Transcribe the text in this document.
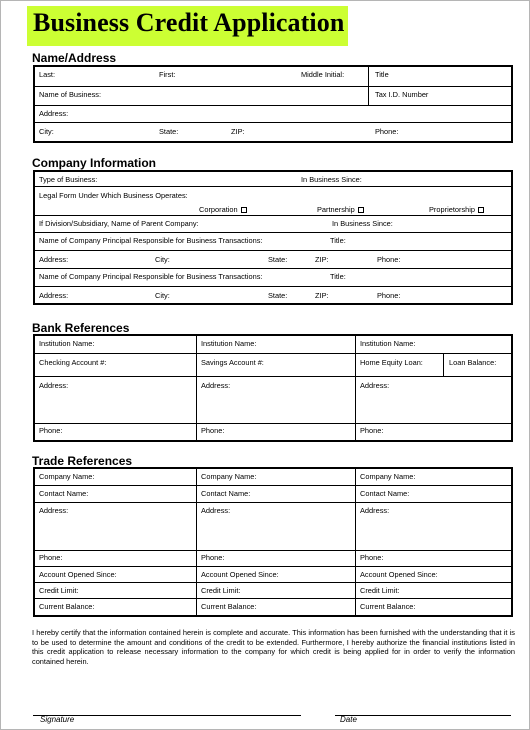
Business Credit Application
Name/Address
Last:	First:	Middle Initial:	Title
Name of Business:	Tax I.D. Number
Address:
City:	State:	ZIP:	Phone:
Company Information
Type of Business:	In Business Since:
Legal Form Under Which Business Operates:
Corporation	Partnership	Proprietorship
If Division/Subsidiary, Name of Parent Company:	In Business Since:
Name of Company Principal Responsible for Business Transactions:	Title:
Address:	City:	State:	ZIP:	Phone:
Name of Company Principal Responsible for Business Transactions:	Title:
Address:	City:	State:	ZIP:	Phone:
Bank References
Institution Name:	Institution Name:	Institution Name:
Checking Account #:	Savings Account #:	Home Equity Loan:	Loan Balance:
Address:	Address:	Address:
Phone:	Phone:	Phone:
Trade References
Company Name:	Company Name:	Company Name:
Contact Name:	Contact Name:	Contact Name:
Address:	Address:	Address:
Phone:	Phone:	Phone:
Account Opened Since:	Account Opened Since:	Account Opened Since:
Credit Limit:	Credit Limit:	Credit Limit:
Current Balance:	Current Balance:	Current Balance:
I hereby certify that the information contained herein is complete and accurate. This information has been furnished with the understanding that it is to be used to determine the amount and conditions of the credit to be extended. Furthermore, I hereby authorize the financial institutions listed in this credit application to release necessary information to the company for which credit is being applied for in order to verify the information contained herein.
Signature	Date
